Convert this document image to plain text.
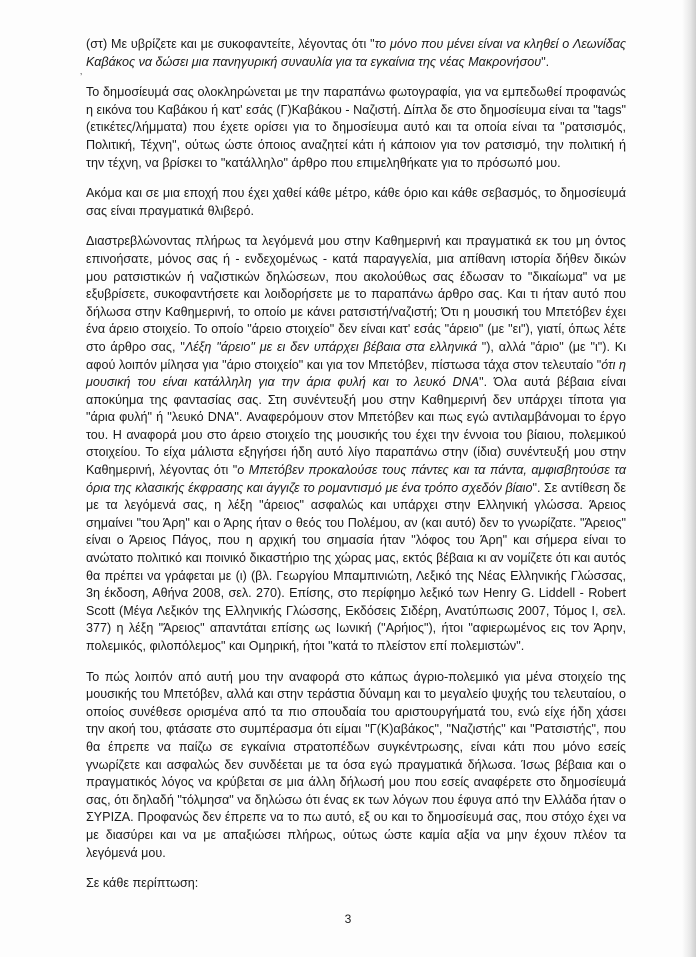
’

(στ) Με υβρίζετε και με συκοφαντείτε, λέγοντας ότι "το μόνο που μένει είναι να κληθεί ο Λεωνίδας Καβάκος να δώσει μια πανηγυρική συναυλία για τα εγκαίνια της νέας Μακρονήσου".

Το δημοσίευμά σας ολοκληρώνεται με την παραπάνω φωτογραφία, για να εμπεδωθεί προφανώς η εικόνα του Καβάκου ή κατ' εσάς (Γ)Καβάκου - Ναζιστή. Δίπλα δε στο δημοσίευμα είναι τα "tags" (ετικέτες/λήμματα) που έχετε ορίσει για το δημοσίευμα αυτό και τα οποία είναι τα "ρατσισμός, Πολιτική, Τέχνη", ούτως ώστε όποιος αναζητεί κάτι ή κάποιον για τον ρατσισμό, την πολιτική ή την τέχνη, να βρίσκει το "κατάλληλο" άρθρο που επιμεληθήκατε για το πρόσωπό μου.

Ακόμα και σε μια εποχή που έχει χαθεί κάθε μέτρο, κάθε όριο και κάθε σεβασμός, το δημοσίευμά σας είναι πραγματικά θλιβερό.

Διαστρεβλώνοντας πλήρως τα λεγόμενά μου στην Καθημερινή και πραγματικά εκ του μη όντος επινοήσατε, μόνος σας ή - ενδεχομένως - κατά παραγγελία, μια απίθανη ιστορία δήθεν δικών μου ρατσιστικών ή ναζιστικών δηλώσεων, που ακολούθως σας έδωσαν το "δικαίωμα" να με εξυβρίσετε, συκοφαντήσετε και λοιδορήσετε με το παραπάνω άρθρο σας. Και τι ήταν αυτό που δήλωσα στην Καθημερινή, το οποίο με κάνει ρατσιστή/ναζιστή; Ότι η μουσική του Μπετόβεν έχει ένα άρειο στοιχείο. Το οποίο "άρειο στοιχείο" δεν είναι κατ' εσάς "άρειο" (με "ει"), γιατί, όπως λέτε στο άρθρο σας, "Λέξη "άρειο" με ει δεν υπάρχει βέβαια στα ελληνικά "), αλλά "άριο" (με "ι"). Κι αφού λοιπόν μίλησα για "άριο στοιχείο" και για τον Μπετόβεν, πίστωσα τάχα στον τελευταίο "ότι η μουσική του είναι κατάλληλη για την άρια φυλή και το λευκό DNA". Όλα αυτά βέβαια είναι αποκύημα της φαντασίας σας. Στη συνέντευξή μου στην Καθημερινή δεν υπάρχει τίποτα για "άρια φυλή" ή "λευκό DNA". Αναφερόμουν στον Μπετόβεν και πως εγώ αντιλαμβάνομαι το έργο του. Η αναφορά μου στο άρειο στοιχείο της μουσικής του έχει την έννοια του βίαιου, πολεμικού στοιχείου. Το είχα μάλιστα εξηγήσει ήδη αυτό λίγο παραπάνω στην (ίδια) συνέντευξή μου στην Καθημερινή, λέγοντας ότι "ο Μπετόβεν προκαλούσε τους πάντες και τα πάντα, αμφισβητούσε τα όρια της κλασικής έκφρασης και άγγιζε το ρομαντισμό με ένα τρόπο σχεδόν βίαιο". Σε αντίθεση δε με τα λεγόμενά σας, η λέξη "άρειος" ασφαλώς και υπάρχει στην Ελληνική γλώσσα. Άρειος σημαίνει "του Άρη" και ο Άρης ήταν ο θεός του Πολέμου, αν (και αυτό) δεν το γνωρίζατε. "Άρειος" είναι ο Άρειος Πάγος, που η αρχική του σημασία ήταν "λόφος του Άρη" και σήμερα είναι το ανώτατο πολιτικό και ποινικό δικαστήριο της χώρας μας, εκτός βέβαια κι αν νομίζετε ότι και αυτός θα πρέπει να γράφεται με (ι) (βλ. Γεωργίου Μπαμπινιώτη, Λεξικό της Νέας Ελληνικής Γλώσσας, 3η έκδοση, Αθήνα 2008, σελ. 270). Επίσης, στο περίφημο λεξικό των Henry G. Liddell - Robert Scott (Μέγα Λεξικόν της Ελληνικής Γλώσσης, Εκδόσεις Σιδέρη, Ανατύπωσις 2007, Τόμος Ι, σελ. 377) η λέξη "Άρειος" απαντάται επίσης ως Ιωνική ("Αρήιος"), ήτοι "αφιερωμένος εις τον Άρην, πολεμικός, φιλοπόλεμος" και Ομηρική, ήτοι "κατά το πλείστον επί πολεμιστών".

Το πώς λοιπόν από αυτή μου την αναφορά στο κάπως άγριο-πολεμικό για μένα στοιχείο της μουσικής του Μπετόβεν, αλλά και στην τεράστια δύναμη και το μεγαλείο ψυχής του τελευταίου, ο οποίος συνέθεσε ορισμένα από τα πιο σπουδαία του αριστουργήματά του, ενώ είχε ήδη χάσει την ακοή του, φτάσατε στο συμπέρασμα ότι είμαι "Γ(Κ)αβάκος", "Ναζιστής" και "Ρατσιστής", που θα έπρεπε να παίζω σε εγκαίνια στρατοπέδων συγκέντρωσης, είναι κάτι που μόνο εσείς γνωρίζετε και ασφαλώς δεν συνδέεται με τα όσα εγώ πραγματικά δήλωσα. Ίσως βέβαια και ο πραγματικός λόγος να κρύβεται σε μια άλλη δήλωσή μου που εσείς αναφέρετε στο δημοσίευμά σας, ότι δηλαδή "τόλμησα" να δηλώσω ότι ένας εκ των λόγων που έφυγα από την Ελλάδα ήταν ο ΣΥΡΙΖΑ. Προφανώς δεν έπρεπε να το πω αυτό, εξ ου και το δημοσίευμά σας, που στόχο έχει να με διασύρει και να με απαξιώσει πλήρως, ούτως ώστε καμία αξία να μην έχουν πλέον τα λεγόμενά μου.

Σε κάθε περίπτωση:

3
